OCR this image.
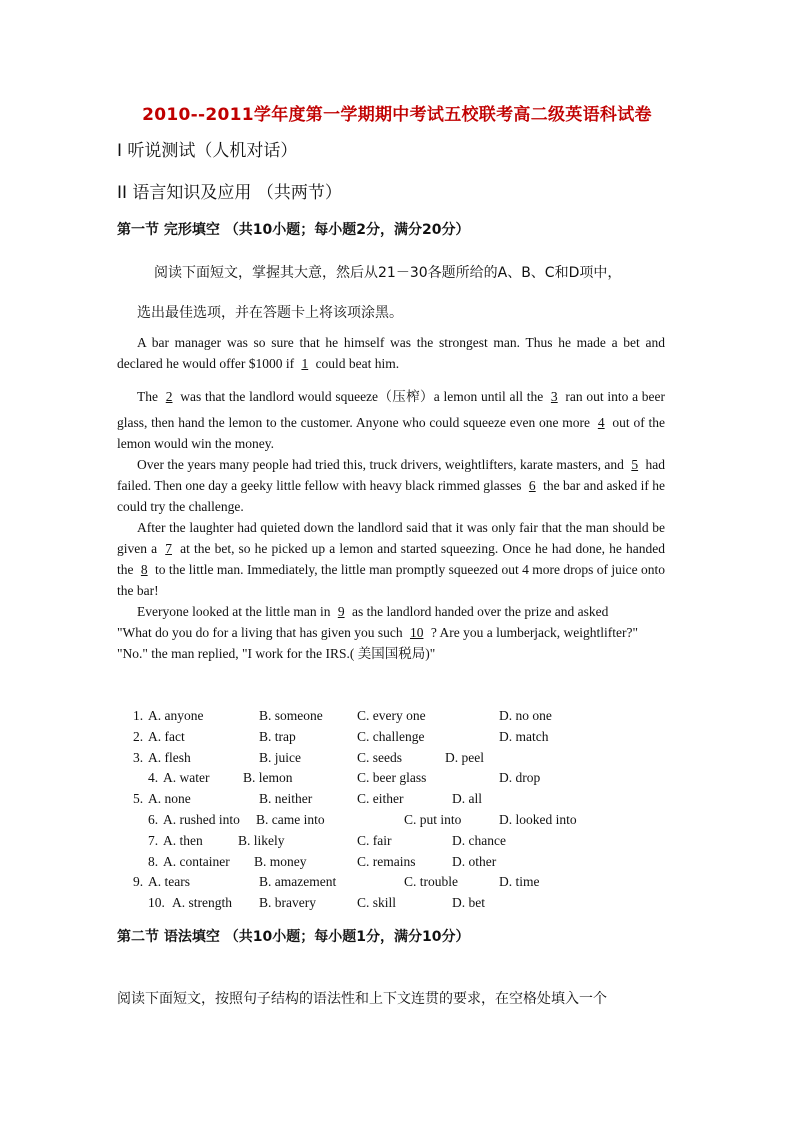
2010--2011学年度第一学期期中考试五校联考高二级英语科试卷
I 听说测试（人机对话）
II 语言知识及应用 （共两节）
第一节 完形填空 （共10小题；每小题2分，满分20分）
阅读下面短文，掌握其大意，然后从21－30各题所给的A、B、C和D项中，
选出最佳选项，并在答题卡上将该项涂黑。

A bar manager was so sure that he himself was the strongest man. Thus he made a bet and declared he would offer $1000 if 1 could beat him.

The 2 was that the landlord would squeeze（压榨）a lemon until all the 3 ran out into a beer glass, then hand the lemon to the customer. Anyone who could squeeze even one more 4 out of the lemon would win the money.

Over the years many people had tried this, truck drivers, weightlifters, karate masters, and 5 had failed. Then one day a geeky little fellow with heavy black rimmed glasses 6 the bar and asked if he could try the challenge.

After the laughter had quieted down the landlord said that it was only fair that the man should be given a 7 at the bet, so he picked up a lemon and started squeezing. Once he had done, he handed the 8 to the little man. Immediately, the little man promptly squeezed out 4 more drops of juice onto the bar!

Everyone looked at the little man in 9 as the landlord handed over the prize and asked

"What do you do for a living that has given you such 10 ? Are you a lumberjack, weightlifter?"

"No." the man replied, "I work for the IRS.( 美国国税局)"

1. A. anyone	B. someone	C. every one	D. no one
2. A. fact	B. trap	C. challenge	D. match
3. A. flesh	B. juice	C. seeds	D. peel
4. A. water B. lemon	C. beer glass	D. drop
5. A. none	B. neither	C. either	D. all
6. A. rushed into B. came into	C. put into	D. looked into
7. A. then	B. likely	C. fair	D. chance
8. A. container B. money	C. remains	D. other
9. A. tears	B. amazement	C. trouble	D. time
10. A. strength B. bravery	C. skill	D. bet
第二节 语法填空 （共10小题；每小题1分，满分10分）
阅读下面短文，按照句子结构的语法性和上下文连贯的要求，在空格处填入一个
